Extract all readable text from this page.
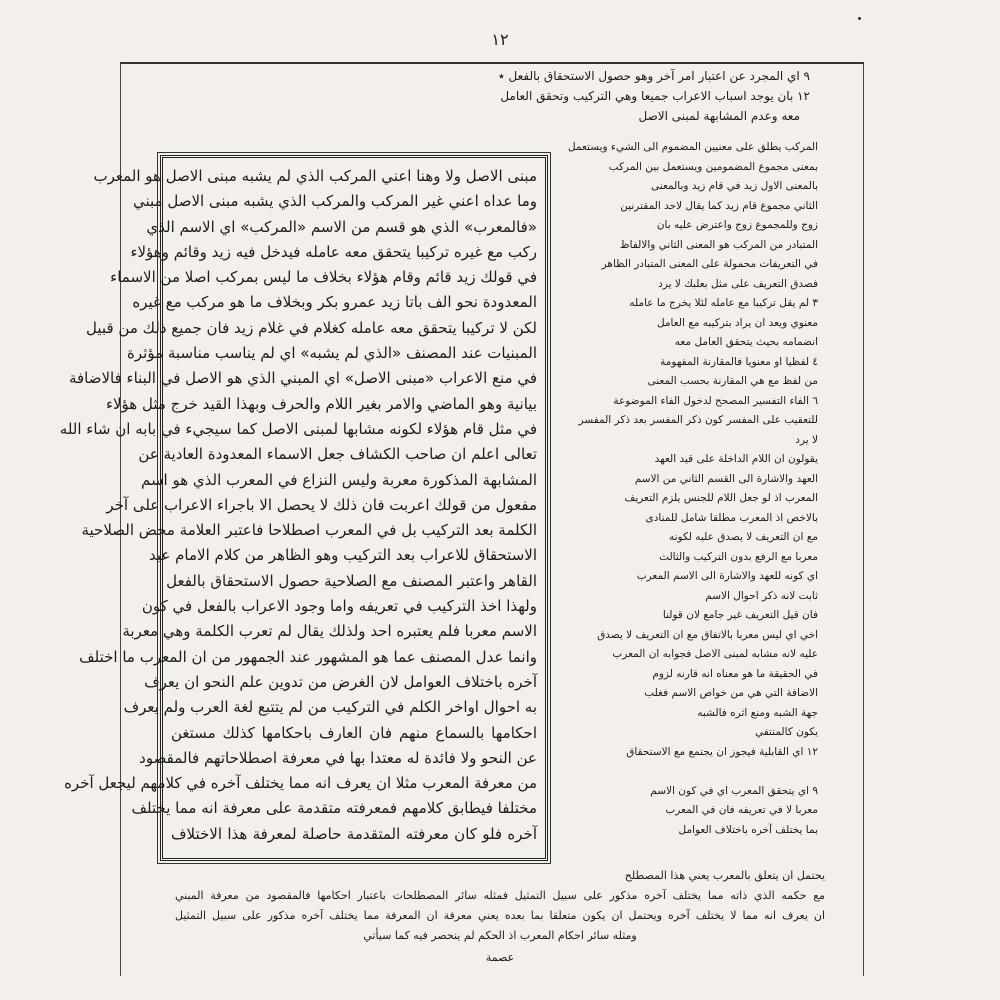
١٢
٩ اي المجرد عن اعتبار امر آخر وهو حصول الاستحقاق بالفعل ٭
١٢ بان يوجد اسباب الاعراب جميعا وهي التركيب وتحقق العامل
معه وعدم المشابهة لمبنى الاصل
مبنى الاصل ولا وهنا اعني المركب الذي لم يشبه مبنى الاصل هو المعرب
وما عداه اعني غير المركب والمركب الذي يشبه مبنى الاصل مبني
«فالمعرب» الذي هو قسم من الاسم «المركب» اي الاسم الذي
ركب مع غيره تركيبا يتحقق معه عامله فيدخل فيه زيد وقائم وهؤلاء
في قولك زيد قائم وقام هؤلاء بخلاف ما ليس بمركب اصلا من الاسماء
المعدودة نحو الف باتا زيد عمرو بكر وبخلاف ما هو مركب مع غيره
لكن لا تركيبا يتحقق معه عامله كغلام في غلام زيد فان جميع ذلك من قبيل
المبنيات عند المصنف «الذي لم يشبه» اي لم يناسب مناسبة مؤثرة
في منع الاعراب «مبنى الاصل» اي المبني الذي هو الاصل في البناء فالاضافة
بيانية وهو الماضي والامر بغير اللام والحرف وبهذا القيد خرج مثل هؤلاء
في مثل قام هؤلاء لكونه مشابها لمبنى الاصل كما سيجيء في بابه ان شاء الله
تعالى اعلم ان صاحب الكشاف جعل الاسماء المعدودة العادية عن
المشابهة المذكورة معربة وليس النزاع في المعرب الذي هو اسم
مفعول من قولك اعربت فان ذلك لا يحصل الا باجراء الاعراب على آخر
الكلمة بعد التركيب بل في المعرب اصطلاحا فاعتبر العلامة محض الصلاحية
الاستحقاق للاعراب بعد التركيب وهو الظاهر من كلام الامام عبد
القاهر واعتبر المصنف مع الصلاحية حصول الاستحقاق بالفعل
ولهذا اخذ التركيب في تعريفه واما وجود الاعراب بالفعل في كون
الاسم معربا فلم يعتبره احد ولذلك يقال لم تعرب الكلمة وهي معربة
وانما عدل المصنف عما هو المشهور عند الجمهور من ان المعرب ما اختلف
آخره باختلاف العوامل لان الغرض من تدوين علم النحو ان يعرف
به احوال اواخر الكلم في التركيب من لم يتتبع لغة العرب ولم يعرف
احكامها بالسماع منهم فان العارف باحكامها كذلك مستغن
عن النحو ولا فائدة له معتدا بها في معرفة اصطلاحاتهم فالمقصود
من معرفة المعرب مثلا ان يعرف انه مما يختلف آخره في كلامهم ليجعل آخره
مختلفا فيطابق كلامهم فمعرفته متقدمة على معرفة انه مما يختلف
آخره فلو كان معرفته المتقدمة حاصلة لمعرفة هذا الاختلاف
المركب يطلق على معنيين المضموم الى الشيء ويستعمل
بمعنى مجموع المضمومين ويستعمل بين المركب
بالمعنى الاول زيد في قام زيد وبالمعنى
الثاني مجموع قام زيد كما يقال لاحد المقترنين
زوج وللمجموع زوج واعترض عليه بان
المتبادر من المركب هو المعنى الثاني والالفاظ
في التعريفات محمولة على المعنى المتبادر الظاهر
فصدق التعريف على مثل بعلبك لا يرد
٣ لم يقل تركيبا مع عامله لئلا يخرج ما عامله
معنوي ويعد ان يراد بتركيبه مع العامل
انضمامه بحيث يتحقق العامل معه
٤ لفظيا او معنويا فالمقارنة المفهومة
من لفظ مع هي المقارنة بحسب المعنى
٦ الفاء التفسير المصحح لدخول الفاء الموضوعة
للتعقيب على المفسر كون ذكر المفسر بعد ذكر المفسر
لا يرد
يقولون ان اللام الداخلة على قيد العهد
العهد والاشارة الى القسم الثاني من الاسم
المعرب اذ لو جعل اللام للجنس يلزم التعريف
بالاخص اذ المعرب مطلقا شامل للمنادى
مع ان التعريف لا يصدق عليه لكونه
معربا مع الرفع بدون التركيب والثالث
اي كونه للعهد والاشارة الى الاسم المعرب
ثابت لانه ذكر احوال الاسم
فان قيل التعريف غير جامع لان قولنا
اخي اي ليس معربا بالاتفاق مع ان التعريف لا يصدق
عليه لانه مشابه لمبنى الاصل فجوابه ان المعرب
في الحقيقة ما هو معناه انه قارنه لزوم
الاضافة التي هي من خواص الاسم فغلب
جهة الشبه ومنع اثره فالشبه
يكون كالمنتفي
١٢ اي القابلية فيجوز ان يجتمع مع الاستحقاق
٩ اي يتحقق المعرب اي في كون الاسم
معربا لا في تعريفه فان في المعرب
بما يختلف آخره باختلاف العوامل
يحتمل ان يتعلق بالمعرب يعني هذا المصطلح
مع حكمه الذي ذاته مما يختلف آخره مذكور على سبيل التمثيل فمثله سائر المصطلحات باعتبار احكامها فالمقصود من معرفة المبني
ان يعرف انه مما لا يختلف آخره ويحتمل ان يكون متعلقا بما بعده يعني معرفة ان المعرفة مما يختلف آخره مذكور على سبيل التمثيل
ومثله سائر احكام المعرب اذ الحكم لم ينحصر فيه كما سيأتي
عصمة
